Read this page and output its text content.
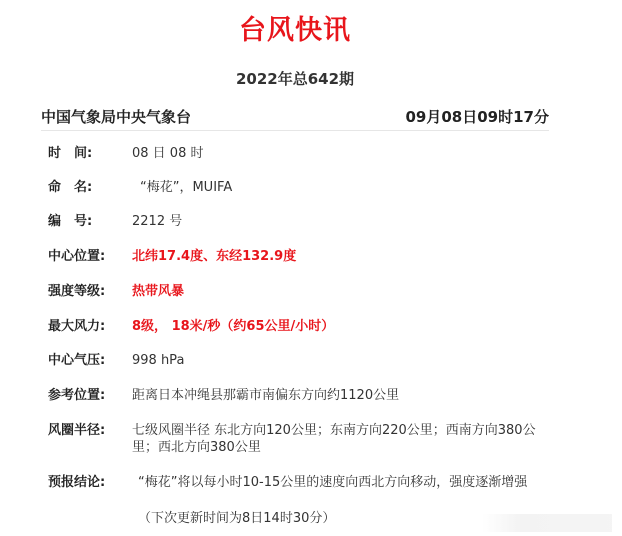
台风快讯
2022年总642期
中国气象局中央气象台	09月08日09时17分
时　间:	08 日 08 时
命　名:	“梅花”，MUIFA
编　号:	2212 号
中心位置: 北纬17.4度、东经132.9度
强度等级: 热带风暴
最大风力: 8级， 18米/秒（约65公里/小时）
中心气压: 998 hPa
参考位置: 距离日本冲绳县那霸市南偏东方向约1120公里
风圈半径: 七级风圈半径 东北方向120公里；东南方向220公里；西南方向380公里；西北方向380公里
预报结论:	“梅花”将以每小时10-15公里的速度向西北方向移动，强度逐渐增强
（下次更新时间为8日14时30分）
